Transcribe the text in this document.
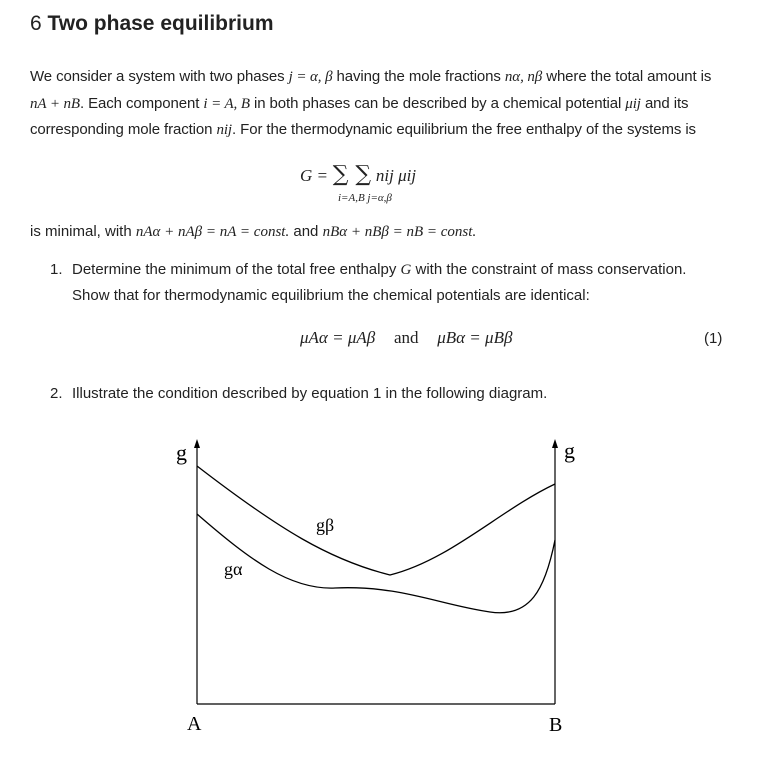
6 Two phase equilibrium
We consider a system with two phases j = α, β having the mole fractions nα, nβ where the total amount is nA + nB. Each component i = A, B in both phases can be described by a chemical potential μij and its corresponding mole fraction nij. For the thermodynamic equilibrium the free enthalpy of the systems is
G = ∑ ∑ nij μij
i=A,B j=α,β
is minimal, with nAα + nAβ = nA = const. and nBα + nBβ = nB = const.
1. Determine the minimum of the total free enthalpy G with the constraint of mass conservation.
Show that for thermodynamic equilibrium the chemical potentials are identical:
μAα = μAβ and μBα = μBβ	(1)
2. Illustrate the condition described by equation 1 in the following diagram.
g	g
A	B
gβ
gα
